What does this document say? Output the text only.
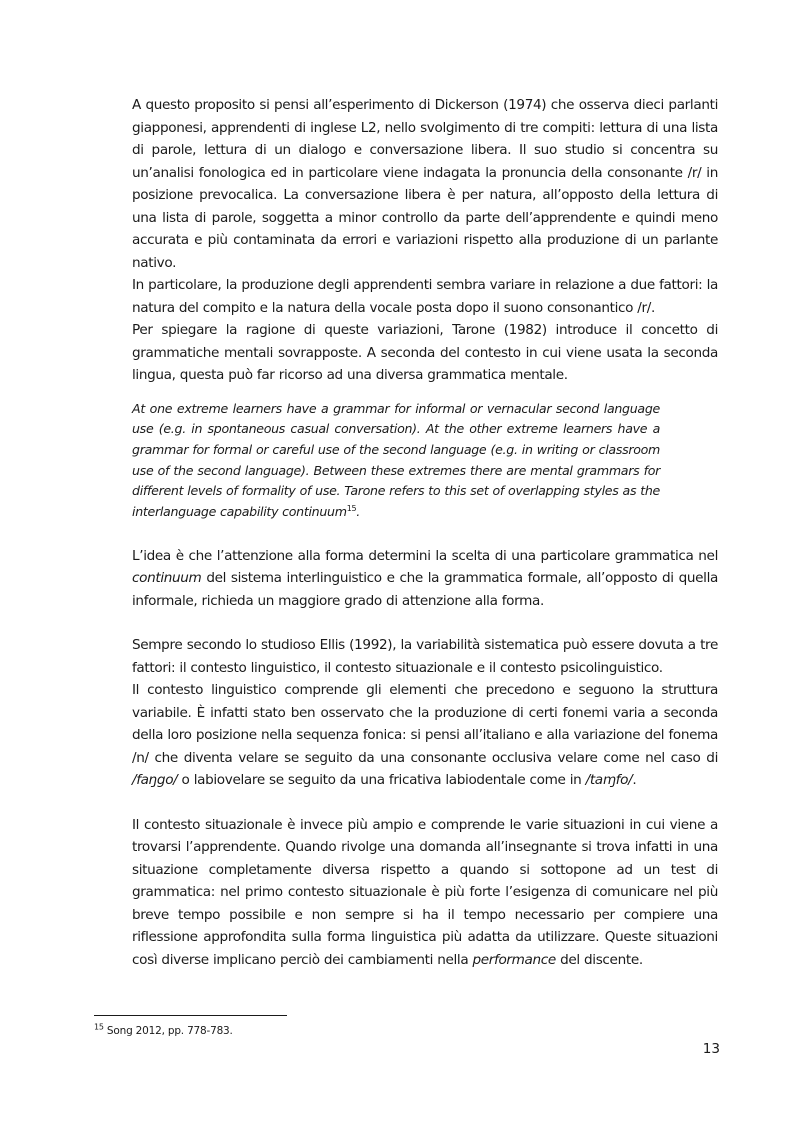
A questo proposito si pensi all’esperimento di Dickerson (1974) che osserva dieci parlanti giapponesi, apprendenti di inglese L2, nello svolgimento di tre compiti: lettura di una lista di parole, lettura di un dialogo e conversazione libera. Il suo studio si concentra su un’analisi fonologica ed in particolare viene indagata la pronuncia della consonante /r/ in posizione prevocalica. La conversazione libera è per natura, all’opposto della lettura di una lista di parole, soggetta a minor controllo da parte dell’apprendente e quindi meno accurata e più contaminata da errori e variazioni rispetto alla produzione di un parlante nativo.

In particolare, la produzione degli apprendenti sembra variare in relazione a due fattori: la natura del compito e la natura della vocale posta dopo il suono consonantico /r/.

Per spiegare la ragione di queste variazioni, Tarone (1982) introduce il concetto di grammatiche mentali sovrapposte. A seconda del contesto in cui viene usata la seconda lingua, questa può far ricorso ad una diversa grammatica mentale.

At one extreme learners have a grammar for informal or vernacular second language use (e.g. in spontaneous casual conversation). At the other extreme learners have a grammar for formal or careful use of the second language (e.g. in writing or classroom use of the second language). Between these extremes there are mental grammars for different levels of formality of use. Tarone refers to this set of overlapping styles as the interlanguage capability continuum$^{15}$.

L’idea è che l’attenzione alla forma determini la scelta di una particolare grammatica nel continuum del sistema interlinguistico e che la grammatica formale, all’opposto di quella informale, richieda un maggiore grado di attenzione alla forma.

Sempre secondo lo studioso Ellis (1992), la variabilità sistematica può essere dovuta a tre fattori: il contesto linguistico, il contesto situazionale e il contesto psicolinguistico.

Il contesto linguistico comprende gli elementi che precedono e seguono la struttura variabile. È infatti stato ben osservato che la produzione di certi fonemi varia a seconda della loro posizione nella sequenza fonica: si pensi all’italiano e alla variazione del fonema /n/ che diventa velare se seguito da una consonante occlusiva velare come nel caso di /faŋgo/ o labiovelare se seguito da una fricativa labiodentale come in /taɱfo/.

Il contesto situazionale è invece più ampio e comprende le varie situazioni in cui viene a trovarsi l’apprendente. Quando rivolge una domanda all’insegnante si trova infatti in una situazione completamente diversa rispetto a quando si sottopone ad un test di grammatica: nel primo contesto situazionale è più forte l’esigenza di comunicare nel più breve tempo possibile e non sempre si ha il tempo necessario per compiere una riflessione approfondita sulla forma linguistica più adatta da utilizzare. Queste situazioni così diverse implicano perciò dei cambiamenti nella performance del discente.

$^{15}$ Song 2012, pp. 778-783.
13
